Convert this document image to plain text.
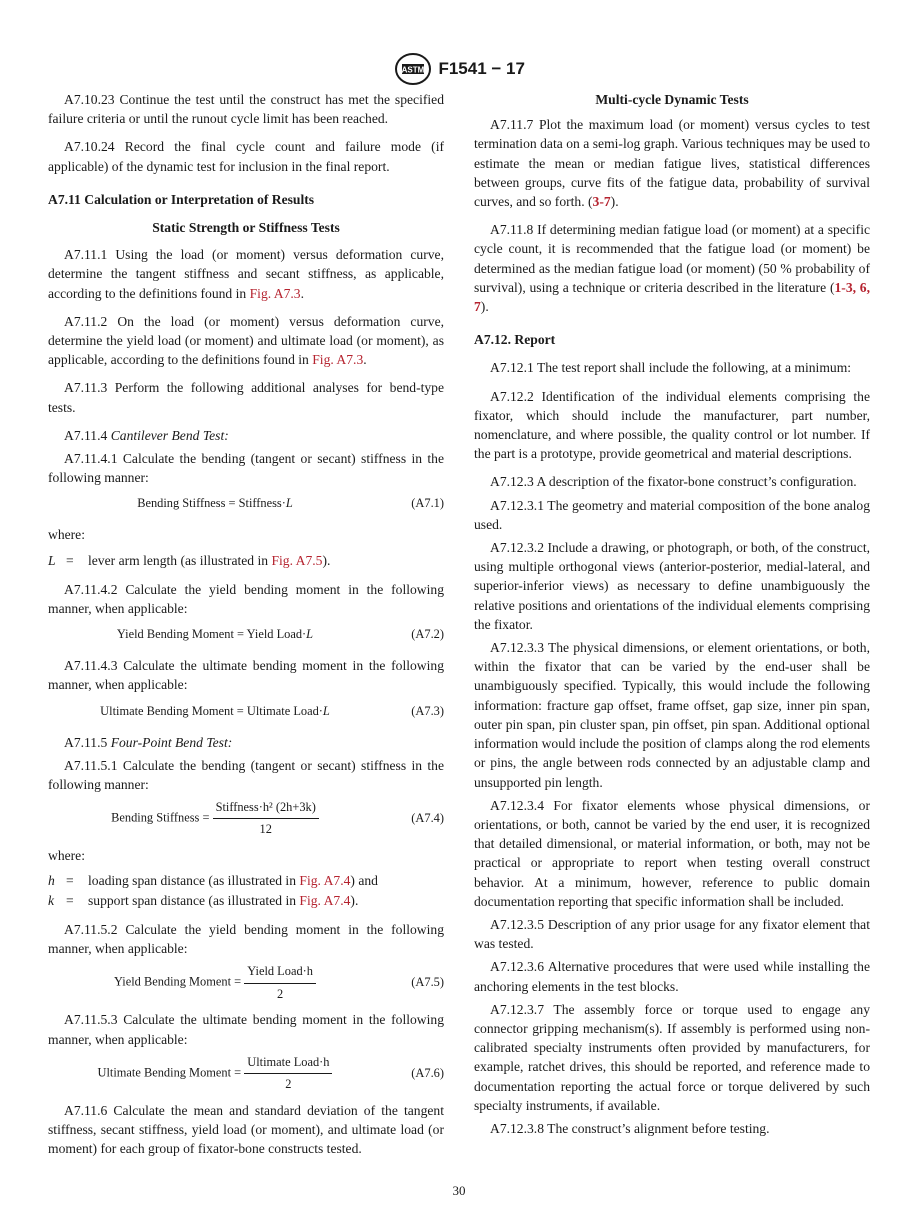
ASTM F1541 − 17

A7.10.23 Continue the test until the construct has met the specified failure criteria or until the runout cycle limit has been reached.

A7.10.24 Record the final cycle count and failure mode (if applicable) of the dynamic test for inclusion in the final report.

A7.11 Calculation or Interpretation of Results
Static Strength or Stiffness Tests

A7.11.1 Using the load (or moment) versus deformation curve, determine the tangent stiffness and secant stiffness, as applicable, according to the definitions found in Fig. A7.3.

A7.11.2 On the load (or moment) versus deformation curve, determine the yield load (or moment) and ultimate load (or moment), as applicable, according to the definitions found in Fig. A7.3.

A7.11.3 Perform the following additional analyses for bend-type tests.

A7.11.4 Cantilever Bend Test:

A7.11.4.1 Calculate the bending (tangent or secant) stiffness in the following manner:

Bending Stiffness = Stiffness·L	(A7.1)
where:
L = lever arm length (as illustrated in Fig. A7.5).

A7.11.4.2 Calculate the yield bending moment in the following manner, when applicable:

Yield Bending Moment = Yield Load·L	(A7.2)

A7.11.4.3 Calculate the ultimate bending moment in the following manner, when applicable:

Ultimate Bending Moment = Ultimate Load·L	(A7.3)

A7.11.5 Four-Point Bend Test:

A7.11.5.1 Calculate the bending (tangent or secant) stiffness in the following manner:

Bending Stiffness = $\frac{\text{Stiffness·h² (2h+3k)}}{12}$	(A7.4)
where:
h = loading span distance (as illustrated in Fig. A7.4) and
k = support span distance (as illustrated in Fig. A7.4).

A7.11.5.2 Calculate the yield bending moment in the following manner, when applicable:

Yield Bending Moment = $\frac{\text{Yield Load·h}}{2}$	(A7.5)

A7.11.5.3 Calculate the ultimate bending moment in the following manner, when applicable:

Ultimate Bending Moment = $\frac{\text{Ultimate Load·h}}{2}$	(A7.6)

A7.11.6 Calculate the mean and standard deviation of the tangent stiffness, secant stiffness, yield load (or moment), and ultimate load (or moment) for each group of fixator-bone constructs tested.

Multi-cycle Dynamic Tests

A7.11.7 Plot the maximum load (or moment) versus cycles to test termination data on a semi-log graph. Various techniques may be used to estimate the mean or median fatigue lives, statistical differences between groups, curve fits of the fatigue data, probability of survival curves, and so forth. (3-7).

A7.11.8 If determining median fatigue load (or moment) at a specific cycle count, it is recommended that the fatigue load (or moment) be determined as the median fatigue load (or moment) (50 % probability of survival), using a technique or criteria described in the literature (1-3, 6, 7).

A7.12. Report

A7.12.1 The test report shall include the following, at a minimum:

A7.12.2 Identification of the individual elements comprising the fixator, which should include the manufacturer, part number, nomenclature, and where possible, the quality control or lot number. If the part is a prototype, provide geometrical and material descriptions.

A7.12.3 A description of the fixator-bone construct’s configuration.

A7.12.3.1 The geometry and material composition of the bone analog used.

A7.12.3.2 Include a drawing, or photograph, or both, of the construct, using multiple orthogonal views (anterior-posterior, medial-lateral, and superior-inferior views) as necessary to define unambiguously the relative positions and orientations of the individual elements comprising the fixator.

A7.12.3.3 The physical dimensions, or element orientations, or both, within the fixator that can be varied by the end-user shall be unambiguously specified. Typically, this would include the following information: fracture gap offset, frame offset, gap size, inner pin span, outer pin span, pin cluster span, pin offset, pin span. Additional optional information would include the position of clamps along the rod elements or pins, the angle between rods connected by an adjustable clamp and unsupported pin length.

A7.12.3.4 For fixator elements whose physical dimensions, or orientations, or both, cannot be varied by the end user, it is recognized that detailed dimensional, or material information, or both, may not be practical or appropriate to report when testing overall construct behavior. At a minimum, however, reference to public domain documentation reporting that specific information shall be included.

A7.12.3.5 Description of any prior usage for any fixator element that was tested.

A7.12.3.6 Alternative procedures that were used while installing the anchoring elements in the test blocks.

A7.12.3.7 The assembly force or torque used to engage any connector gripping mechanism(s). If assembly is performed using non-calibrated specialty instruments often provided by manufacturers, for example, ratchet drives, this should be reported, and reference made to documentation reporting the actual force or torque delivered by such specialty instruments, if available.

A7.12.3.8 The construct’s alignment before testing.

30
